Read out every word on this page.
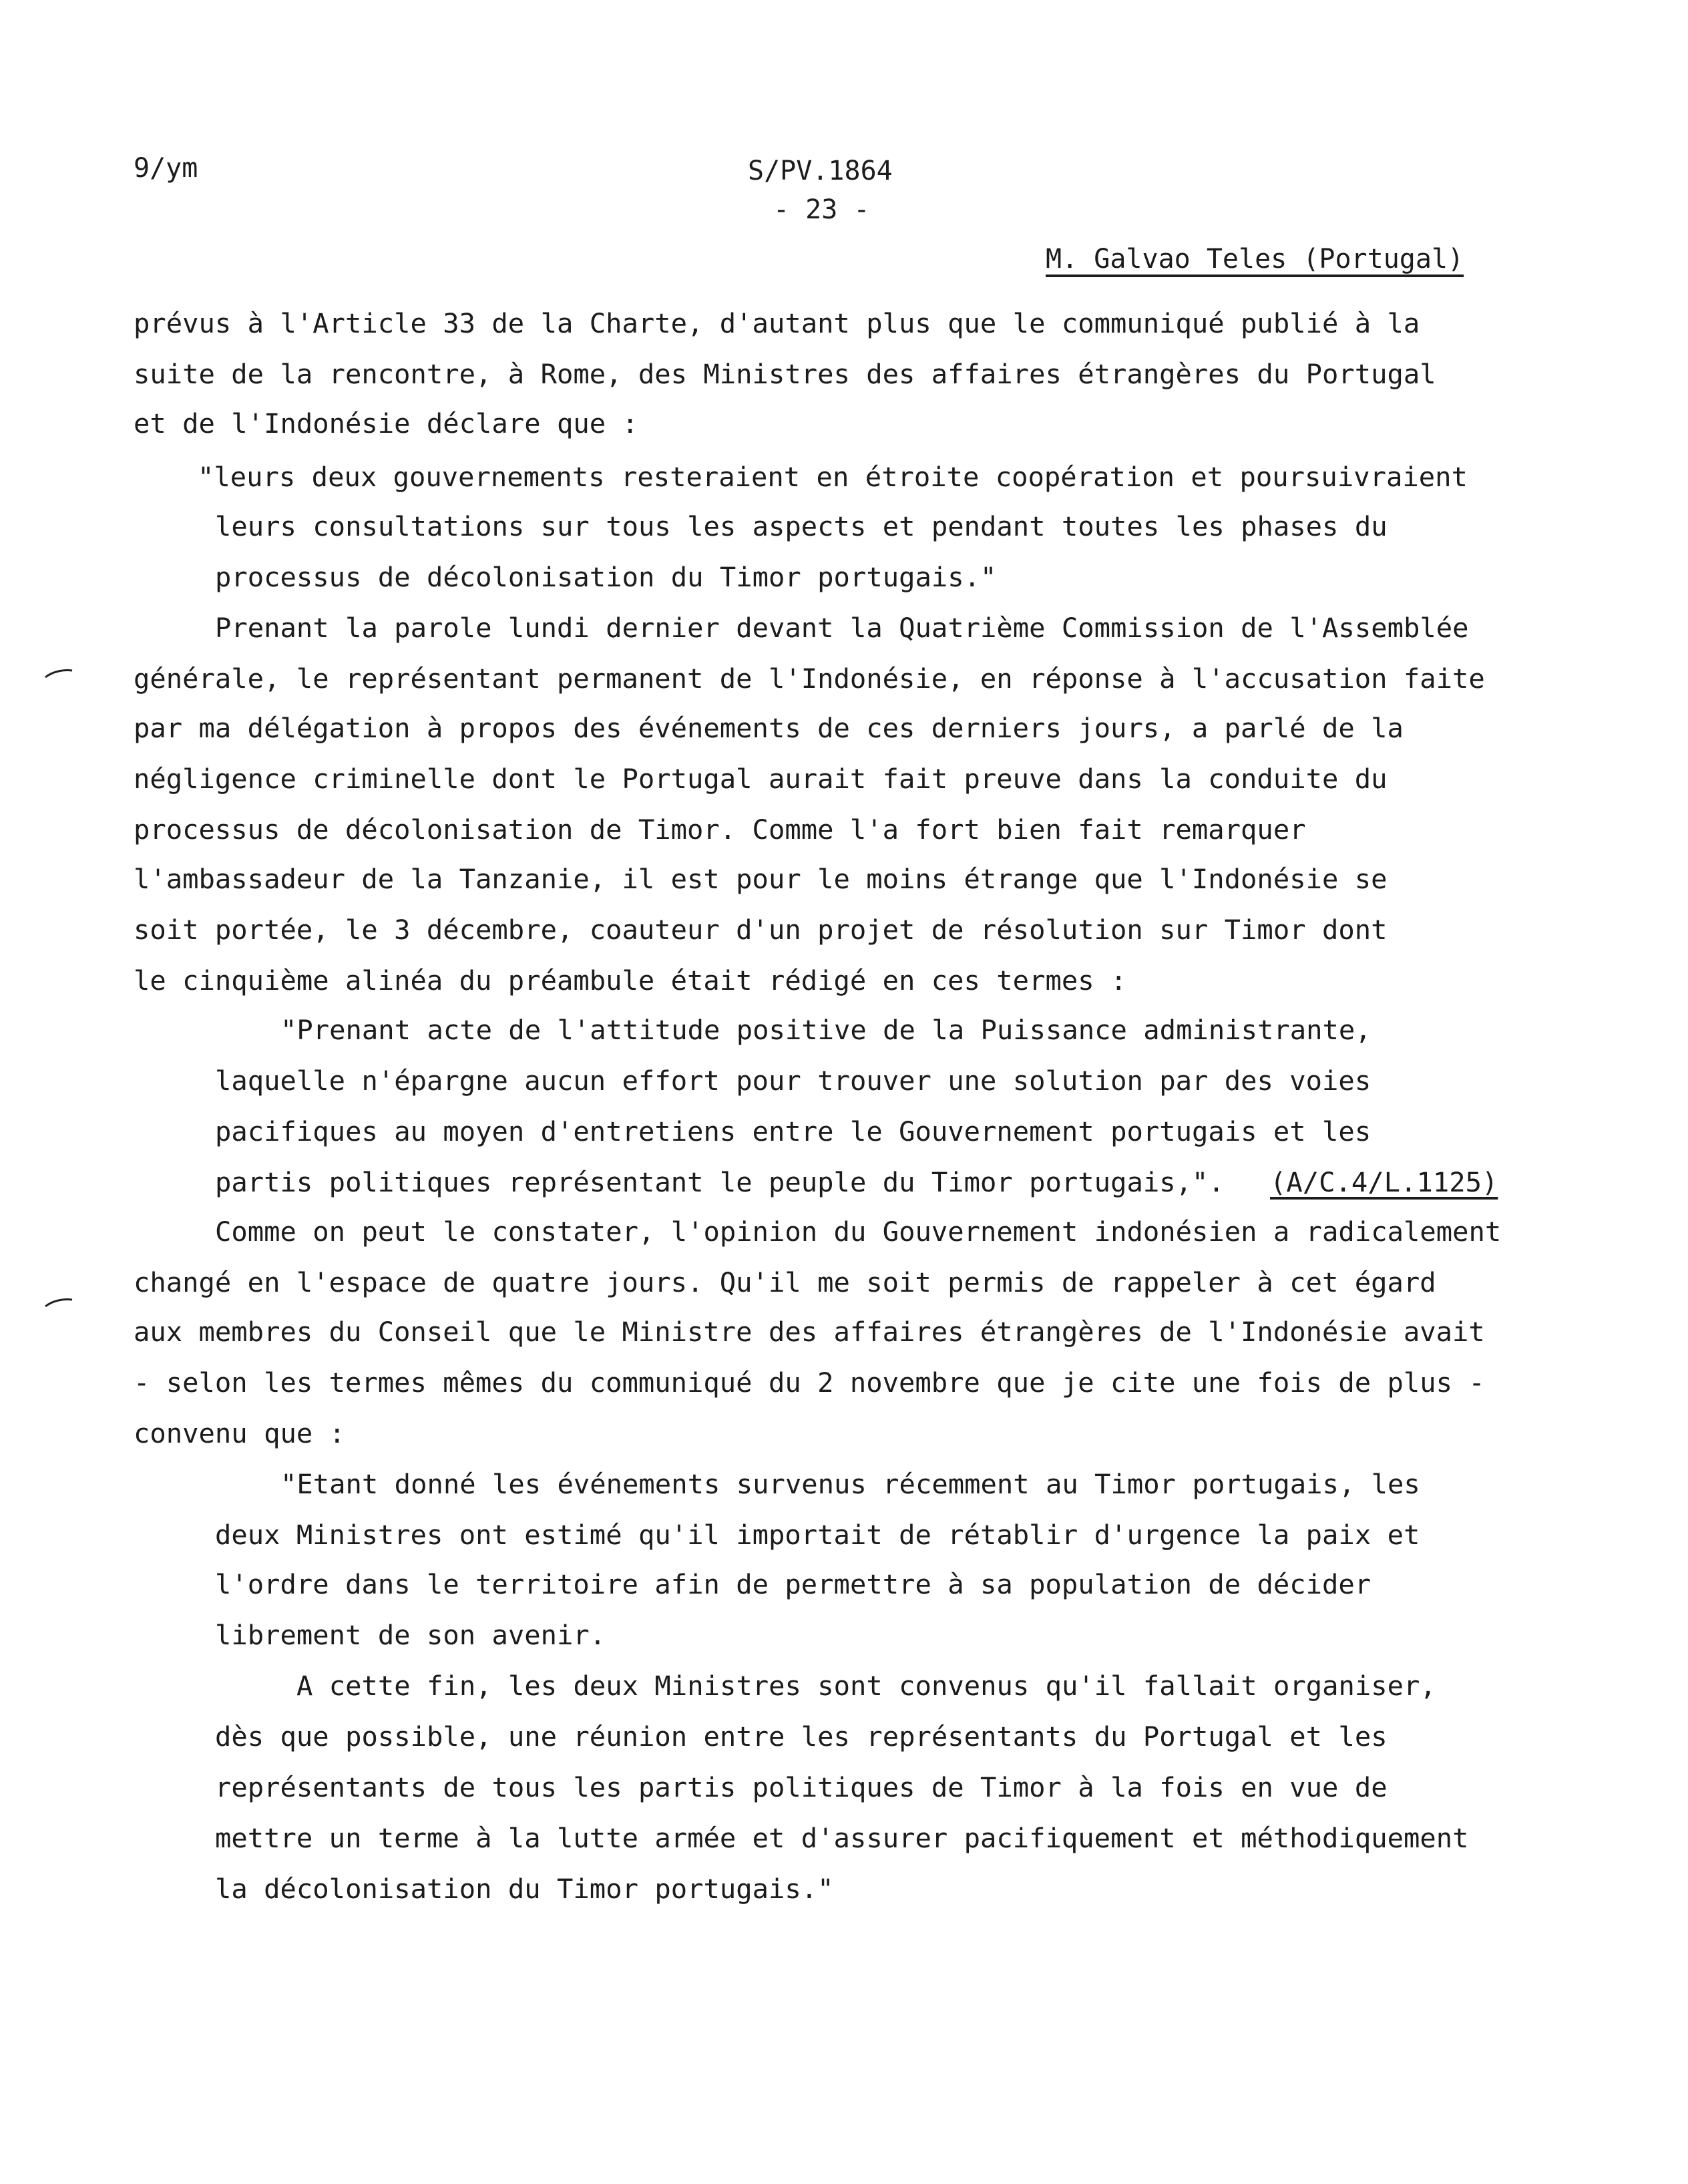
9/ym	S/PV.1864
- 23 -
M. Galvao Teles (Portugal)
prévus à l'Article 33 de la Charte, d'autant plus que le communiqué publié à la
suite de la rencontre, à Rome, des Ministres des affaires étrangères du Portugal
et de l'Indonésie déclare que :
"leurs deux gouvernements resteraient en étroite coopération et poursuivraient
leurs consultations sur tous les aspects et pendant toutes les phases du
processus de décolonisation du Timor portugais."
Prenant la parole lundi dernier devant la Quatrième Commission de l'Assemblée
générale, le représentant permanent de l'Indonésie, en réponse à l'accusation faite
par ma délégation à propos des événements de ces derniers jours, a parlé de la
négligence criminelle dont le Portugal aurait fait preuve dans la conduite du
processus de décolonisation de Timor. Comme l'a fort bien fait remarquer
l'ambassadeur de la Tanzanie, il est pour le moins étrange que l'Indonésie se
soit portée, le 3 décembre, coauteur d'un projet de résolution sur Timor dont
le cinquième alinéa du préambule était rédigé en ces termes :
"Prenant acte de l'attitude positive de la Puissance administrante,
laquelle n'épargne aucun effort pour trouver une solution par des voies
pacifiques au moyen d'entretiens entre le Gouvernement portugais et les
partis politiques représentant le peuple du Timor portugais,". (A/C.4/L.1125)
Comme on peut le constater, l'opinion du Gouvernement indonésien a radicalement
changé en l'espace de quatre jours. Qu'il me soit permis de rappeler à cet égard
aux membres du Conseil que le Ministre des affaires étrangères de l'Indonésie avait
- selon les termes mêmes du communiqué du 2 novembre que je cite une fois de plus -
convenu que :
"Etant donné les événements survenus récemment au Timor portugais, les
deux Ministres ont estimé qu'il importait de rétablir d'urgence la paix et
l'ordre dans le territoire afin de permettre à sa population de décider
librement de son avenir.
A cette fin, les deux Ministres sont convenus qu'il fallait organiser,
dès que possible, une réunion entre les représentants du Portugal et les
représentants de tous les partis politiques de Timor à la fois en vue de
mettre un terme à la lutte armée et d'assurer pacifiquement et méthodiquement
la décolonisation du Timor portugais."
